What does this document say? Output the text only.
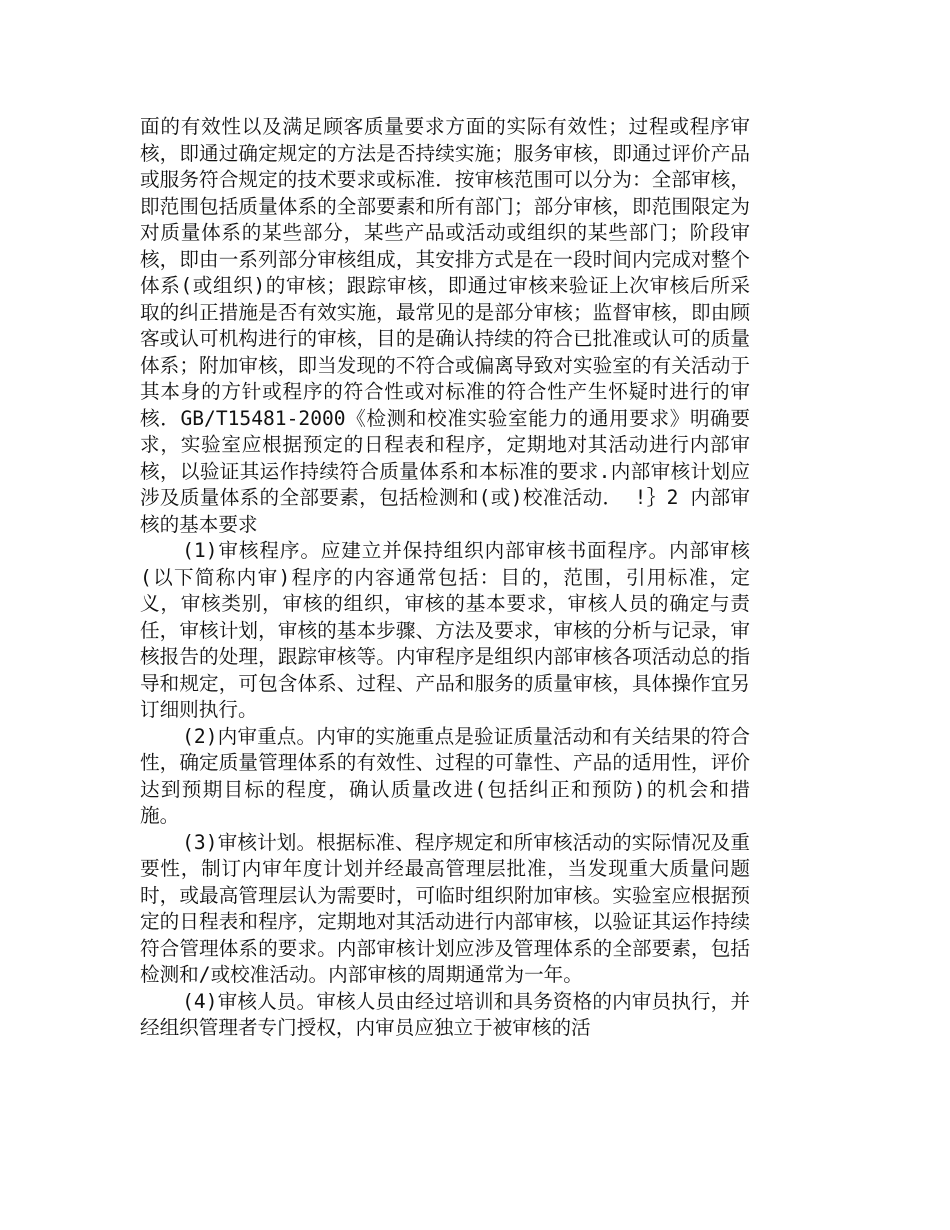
面的有效性以及满足顾客质量要求方面的实际有效性；过程或程序审核，即通过确定规定的方法是否持续实施；服务审核，即通过评价产品或服务符合规定的技术要求或标准．按审核范围可以分为：全部审核，即范围包括质量体系的全部要素和所有部门；部分审核，即范围限定为对质量体系的某些部分，某些产品或活动或组织的某些部门；阶段审核，即由一系列部分审核组成，其安排方式是在一段时间内完成对整个体系(或组织)的审核；跟踪审核，即通过审核来验证上次审核后所采取的纠正措施是否有效实施，最常见的是部分审核；监督审核，即由顾客或认可机构进行的审核，目的是确认持续的符合已批准或认可的质量体系；附加审核，即当发现的不符合或偏离导致对实验室的有关活动于其本身的方针或程序的符合性或对标准的符合性产生怀疑时进行的审核．GB/T15481-2000《检测和校准实验室能力的通用要求》明确要求，实验室应根据预定的日程表和程序，定期地对其活动进行内部审核，以验证其运作持续符合质量体系和本标准的要求.内部审核计划应涉及质量体系的全部要素，包括检测和(或)校准活动． !｝2 内部审核的基本要求

(1)审核程序。应建立并保持组织内部审核书面程序。内部审核(以下简称内审)程序的内容通常包括：目的，范围，引用标准，定义，审核类别，审核的组织，审核的基本要求，审核人员的确定与责任，审核计划，审核的基本步骤、方法及要求，审核的分析与记录，审核报告的处理，跟踪审核等。内审程序是组织内部审核各项活动总的指导和规定，可包含体系、过程、产品和服务的质量审核，具体操作宜另订细则执行。

(2)内审重点。内审的实施重点是验证质量活动和有关结果的符合性，确定质量管理体系的有效性、过程的可靠性、产品的适用性，评价达到预期目标的程度，确认质量改进(包括纠正和预防)的机会和措施。

(3)审核计划。根据标准、程序规定和所审核活动的实际情况及重要性，制订内审年度计划并经最高管理层批准，当发现重大质量问题时，或最高管理层认为需要时，可临时组织附加审核。实验室应根据预定的日程表和程序，定期地对其活动进行内部审核，以验证其运作持续符合管理体系的要求。内部审核计划应涉及管理体系的全部要素，包括检测和/或校准活动。内部审核的周期通常为一年。

(4)审核人员。审核人员由经过培训和具务资格的内审员执行，并经组织管理者专门授权，内审员应独立于被审核的活
